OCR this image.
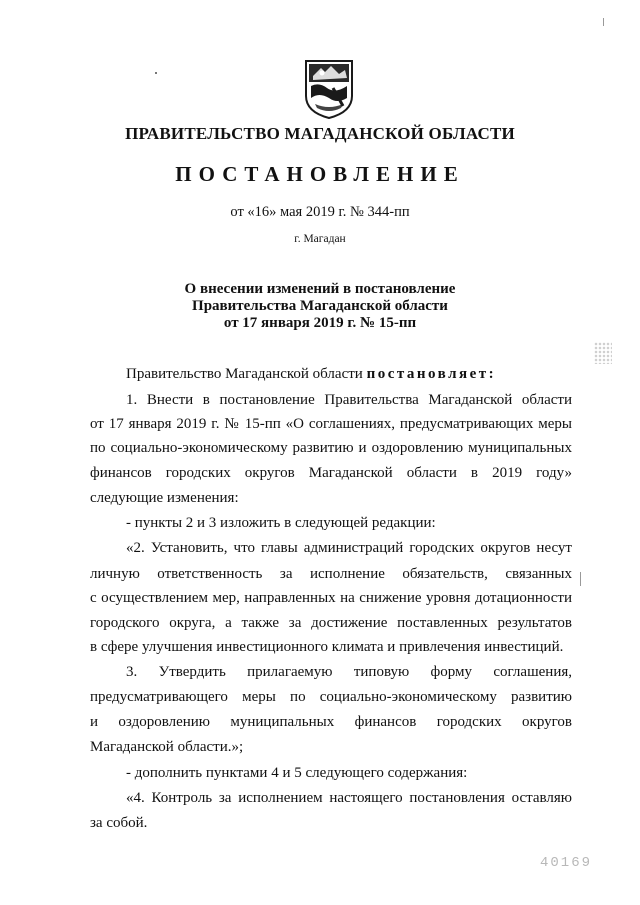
ПРАВИТЕЛЬСТВО МАГАДАНСКОЙ ОБЛАСТИ
ПОСТАНОВЛЕНИЕ
от «16» мая 2019 г. № 344-пп
г. Магадан
О внесении изменений в постановление
Правительства Магаданской области
от 17 января 2019 г. № 15-пп
Правительство Магаданской области постановляет:
1. Внести в постановление Правительства Магаданской области
от 17 января 2019 г. № 15-пп «О соглашениях, предусматривающих меры
по социально-экономическому развитию и оздоровлению муниципальных
финансов городских округов Магаданской области в 2019 году»
следующие изменения:
- пункты 2 и 3 изложить в следующей редакции:
«2. Установить, что главы администраций городских округов несут
личную ответственность за исполнение обязательств, связанных
с осуществлением мер, направленных на снижение уровня дотационности
городского округа, а также за достижение поставленных результатов
в сфере улучшения инвестиционного климата и привлечения инвестиций.
3. Утвердить прилагаемую типовую форму соглашения,
предусматривающего меры по социально-экономическому развитию
и оздоровлению муниципальных финансов городских округов
Магаданской области.»;
- дополнить пунктами 4 и 5 следующего содержания:
«4. Контроль за исполнением настоящего постановления оставляю
за собой.
40169
